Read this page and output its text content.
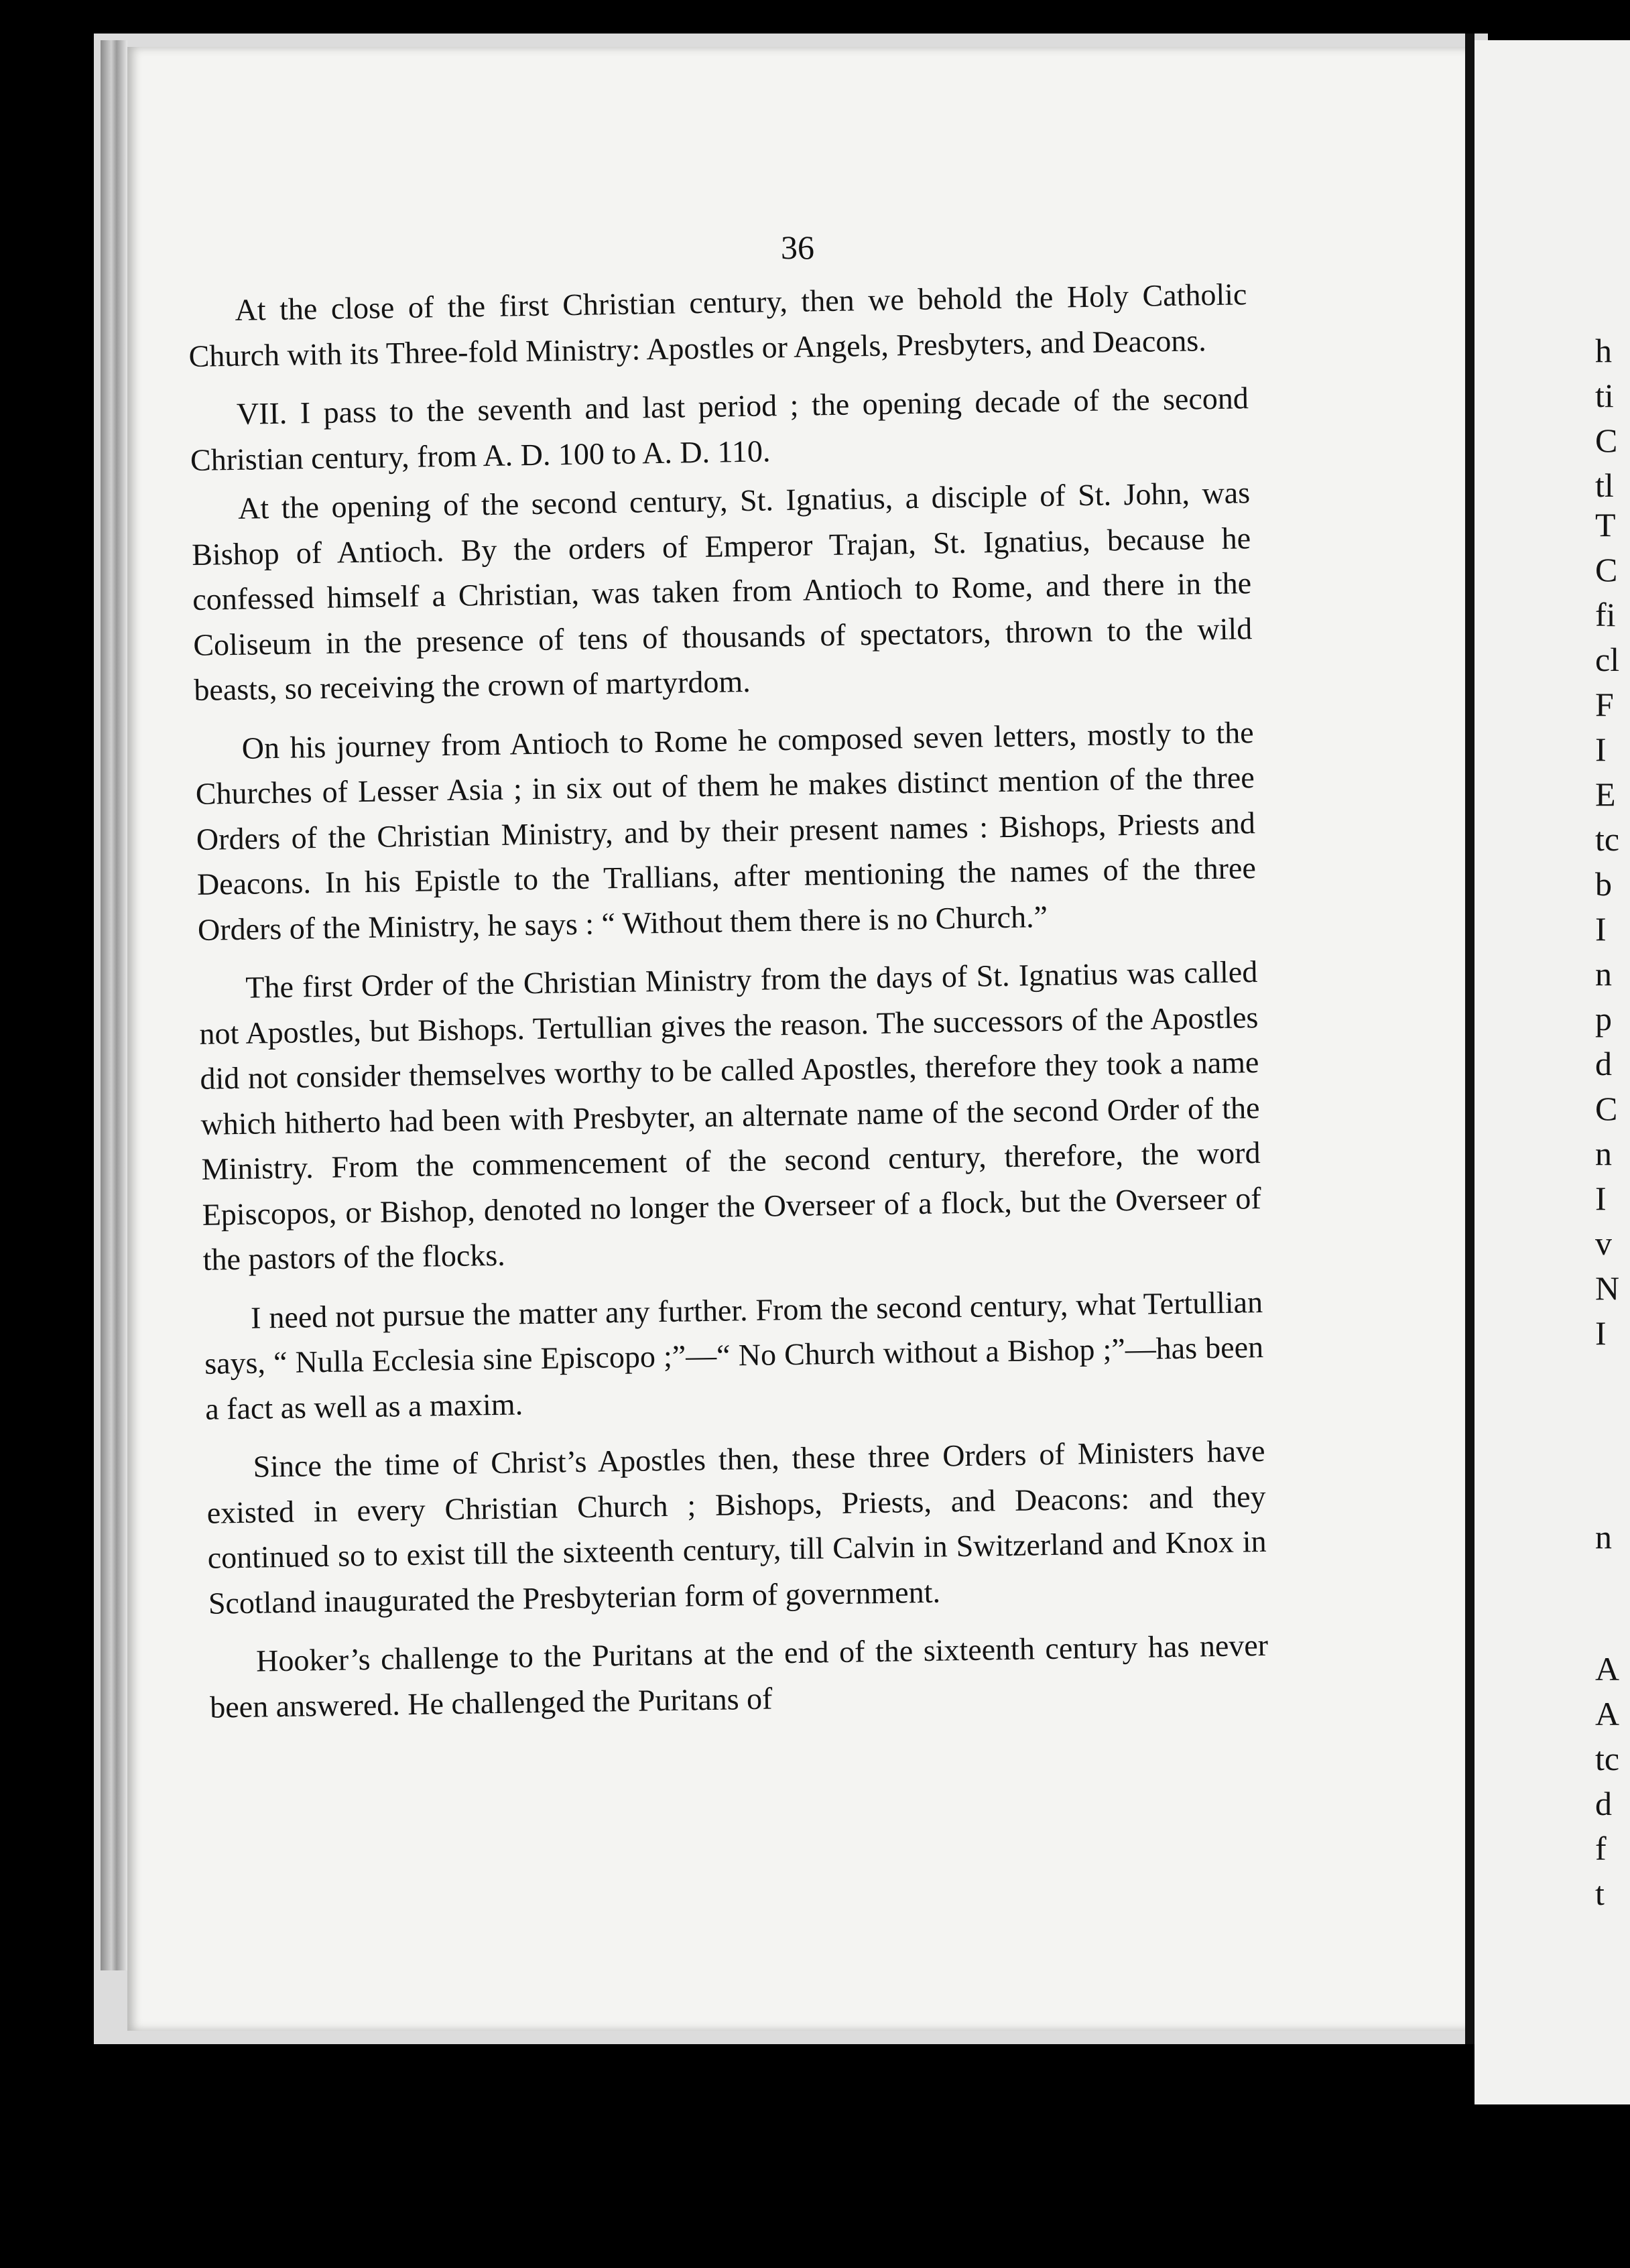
36

At the close of the first Christian century, then we behold the Holy Catholic Church with its Three-fold Ministry: Apostles or Angels, Presbyters, and Deacons.

VII. I pass to the seventh and last period ; the opening decade of the second Christian century, from A. D. 100 to A. D. 110.

At the opening of the second century, St. Ignatius, a disciple of St. John, was Bishop of Antioch. By the orders of Emperor Trajan, St. Ignatius, because he confessed himself a Christian, was taken from Antioch to Rome, and there in the Coliseum in the presence of tens of thousands of spectators, thrown to the wild beasts, so receiving the crown of martyrdom.

On his journey from Antioch to Rome he composed seven letters, mostly to the Churches of Lesser Asia ; in six out of them he makes distinct mention of the three Orders of the Christian Ministry, and by their present names : Bishops, Priests and Deacons. In his Epistle to the Trallians, after mentioning the names of the three Orders of the Ministry, he says : “ Without them there is no Church.”

The first Order of the Christian Ministry from the days of St. Ignatius was called not Apostles, but Bishops. Tertullian gives the reason. The successors of the Apostles did not consider themselves worthy to be called Apostles, therefore they took a name which hitherto had been with Presbyter, an alternate name of the second Order of the Ministry. From the commencement of the second century, therefore, the word Episcopos, or Bishop, denoted no longer the Overseer of a flock, but the Overseer of the pastors of the flocks.

I need not pursue the matter any further. From the second century, what Tertullian says, “ Nulla Ecclesia sine Episcopo ;”—“ No Church without a Bishop ;”—has been a fact as well as a maxim.

Since the time of Christ’s Apostles then, these three Orders of Ministers have existed in every Christian Church ; Bishops, Priests, and Deacons: and they continued so to exist till the sixteenth century, till Calvin in Switzerland and Knox in Scotland inaugurated the Presbyterian form of government.

Hooker’s challenge to the Puritans at the end of the sixteenth century has never been answered. He challenged the Puritans of

h
ti
C
tl
T
C
fi
cl
F
I
E
tc
b
I
n
p
d
C
n
I
v
N
I
n
A
A
tc
d
f
t
